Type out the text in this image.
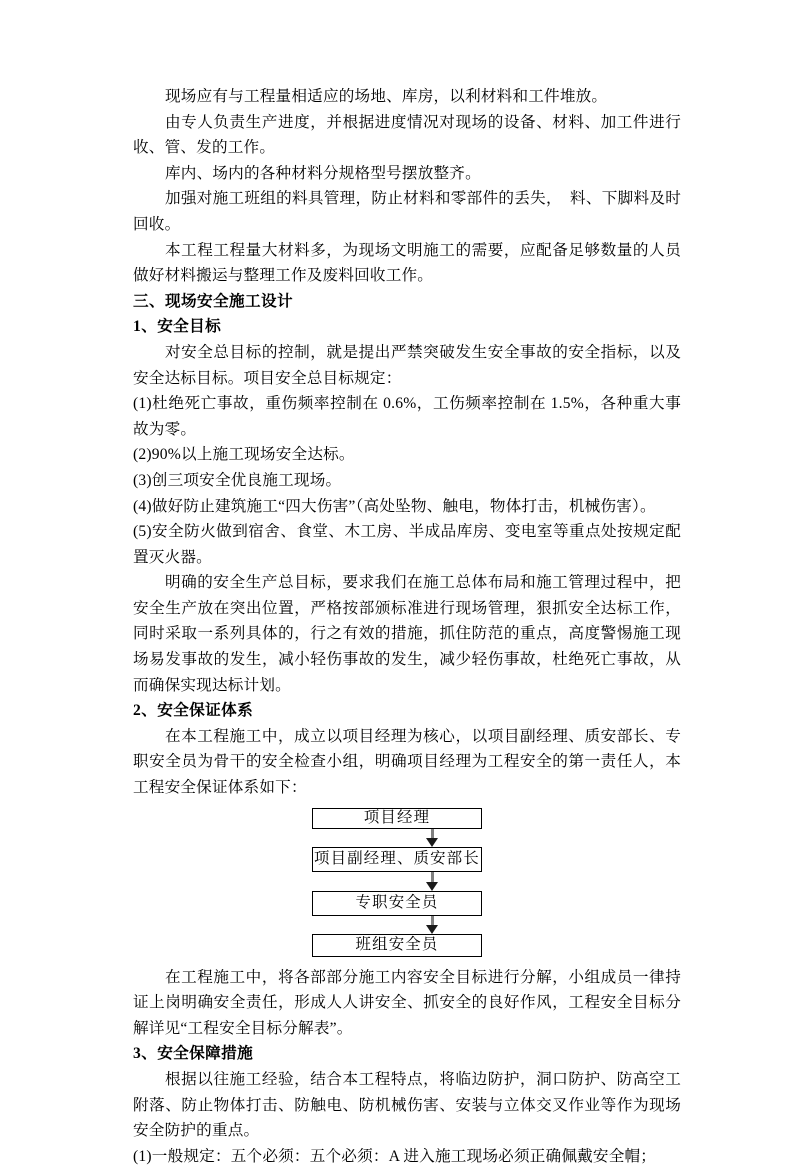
现场应有与工程量相适应的场地、库房，以利材料和工件堆放。

由专人负责生产进度，并根据进度情况对现场的设备、材料、加工件进行收、管、发的工作。

库内、场内的各种材料分规格型号摆放整齐。

加强对施工班组的料具管理，防止材料和零部件的丢失，　料、下脚料及时回收。

本工程工程量大材料多，为现场文明施工的需要，应配备足够数量的人员做好材料搬运与整理工作及废料回收工作。

三、现场安全施工设计

1、安全目标

对安全总目标的控制，就是提出严禁突破发生安全事故的安全指标，以及安全达标目标。项目安全总目标规定：

(1)杜绝死亡事故，重伤频率控制在 0.6%，工伤频率控制在 1.5%，各种重大事故为零。

(2)90%以上施工现场安全达标。

(3)创三项安全优良施工现场。

(4)做好防止建筑施工“四大伤害”（高处坠物、触电，物体打击，机械伤害）。

(5)安全防火做到宿舍、食堂、木工房、半成品库房、变电室等重点处按规定配置灭火器。

明确的安全生产总目标，要求我们在施工总体布局和施工管理过程中，把安全生产放在突出位置，严格按部颁标准进行现场管理，狠抓安全达标工作，同时采取一系列具体的，行之有效的措施，抓住防范的重点，高度警惕施工现场易发事故的发生，减小轻伤事故的发生，减少轻伤事故，杜绝死亡事故，从而确保实现达标计划。

2、安全保证体系

在本工程施工中，成立以项目经理为核心，以项目副经理、质安部长、专职安全员为骨干的安全检查小组，明确项目经理为工程安全的第一责任人，本工程安全保证体系如下：

项目经理
项目副经理、质安部长
专职安全员
班组安全员

在工程施工中，将各部部分施工内容安全目标进行分解，小组成员一律持证上岗明确安全责任，形成人人讲安全、抓安全的良好作风，工程安全目标分解详见“工程安全目标分解表”。

3、安全保障措施

根据以往施工经验，结合本工程特点，将临边防护，洞口防护、防高空工附落、防止物体打击、防触电、防机械伤害、安装与立体交叉作业等作为现场安全防护的重点。

(1)一般规定：五个必须：五个必须：A 进入施工现场必须正确佩戴安全帽；
